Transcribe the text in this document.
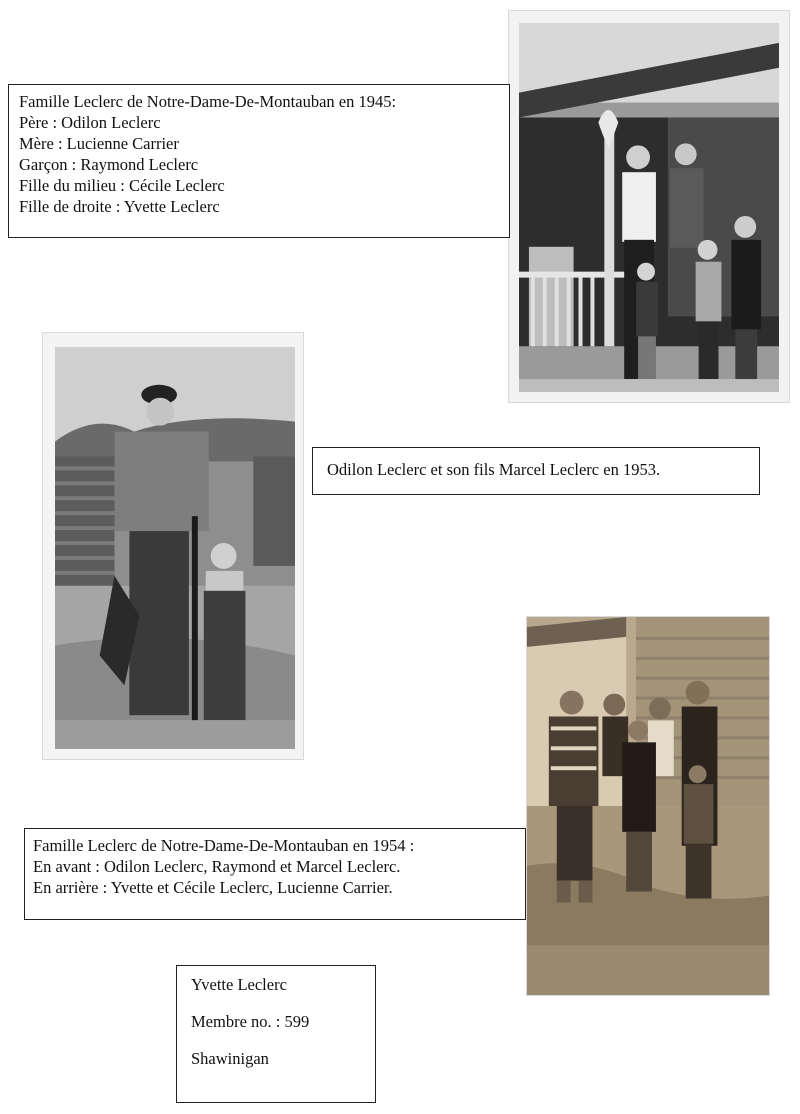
Famille Leclerc de Notre-Dame-De-Montauban en 1945:
Père : Odilon Leclerc
Mère : Lucienne Carrier
Garçon : Raymond Leclerc
Fille du milieu : Cécile Leclerc
Fille de droite : Yvette Leclerc
Odilon Leclerc et son fils Marcel Leclerc en 1953.
Famille Leclerc de Notre-Dame-De-Montauban en 1954 :
En avant : Odilon Leclerc, Raymond et Marcel Leclerc.
En arrière : Yvette et Cécile Leclerc, Lucienne Carrier.
Yvette Leclerc
Membre no. : 599
Shawinigan
